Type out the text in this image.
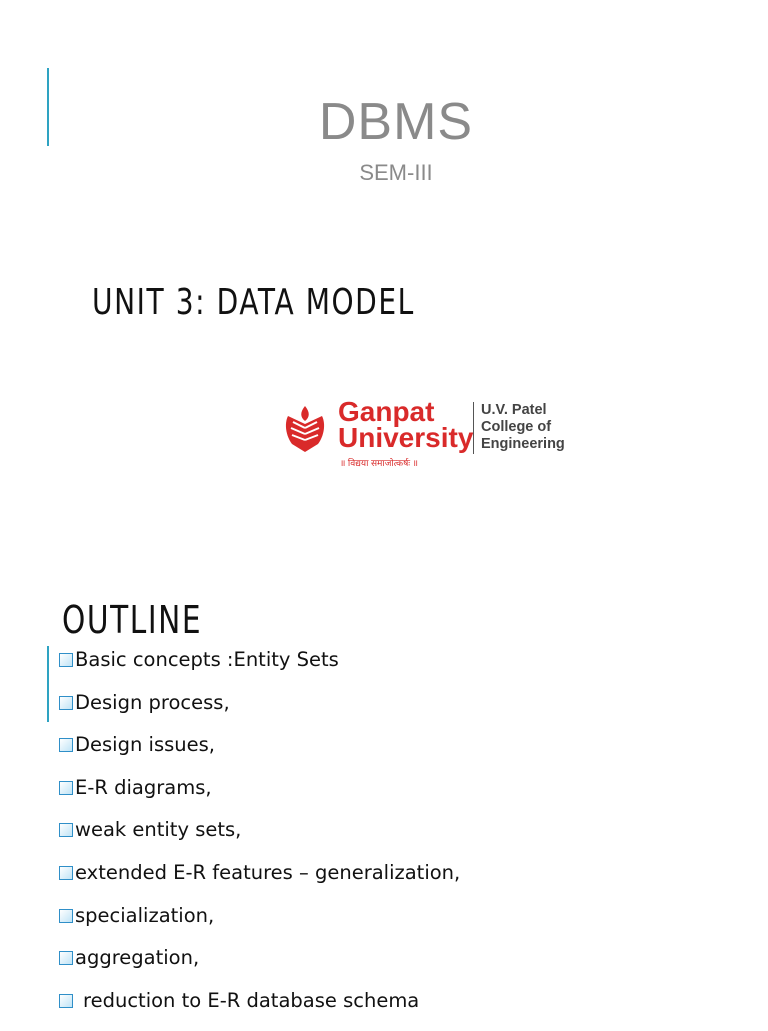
DBMS
SEM-III
UNIT 3: DATA MODEL
Ganpat
University
॥ विद्यया समाजोत्कर्षः ॥
U.V. Patel
College of
Engineering
OUTLINE
Basic concepts :Entity Sets
Design process,
Design issues,
E-R diagrams,
weak entity sets,
extended E-R features – generalization,
specialization,
aggregation,
reduction to E-R database schema
